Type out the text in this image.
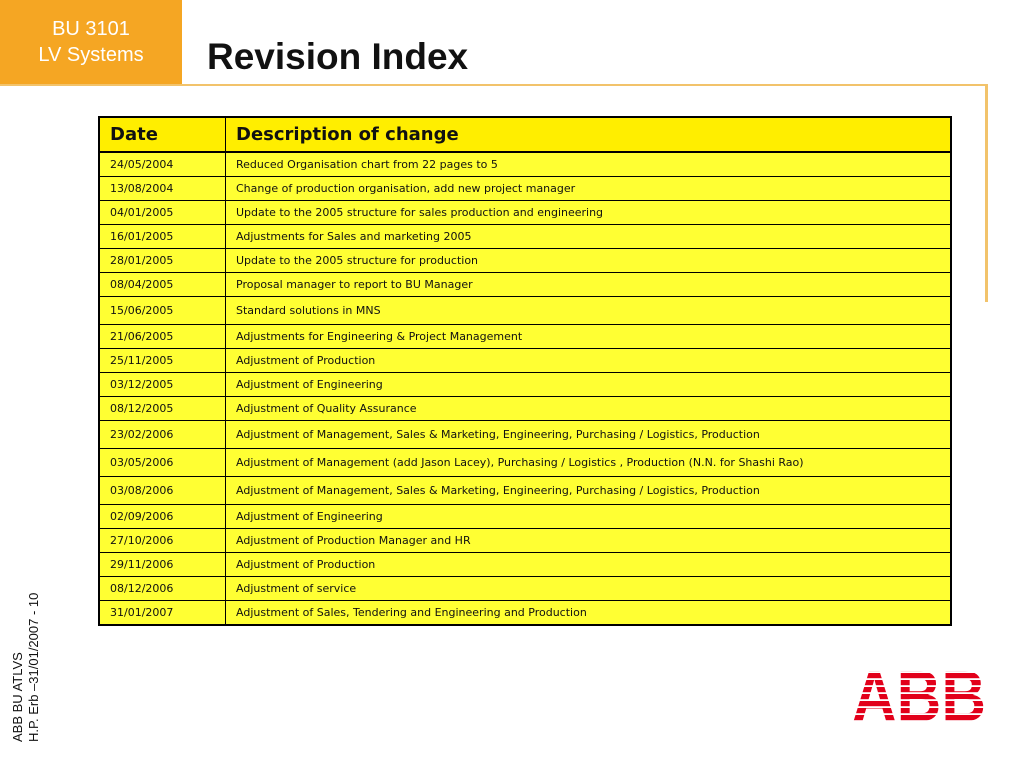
BU 3101
LV Systems Revision Index
Date	Description of change
24/05/2004	Reduced Organisation chart from 22 pages to 5
13/08/2004	Change of production organisation, add new project manager
04/01/2005	Update to the 2005 structure for sales production and engineering
16/01/2005	Adjustments for Sales and marketing 2005
28/01/2005	Update to the 2005 structure for production
08/04/2005	Proposal manager to report to BU Manager
15/06/2005	Standard solutions in MNS
21/06/2005	Adjustments for Engineering & Project Management
25/11/2005	Adjustment of Production
03/12/2005	Adjustment of Engineering
08/12/2005	Adjustment of Quality Assurance
23/02/2006	Adjustment of Management, Sales & Marketing, Engineering, Purchasing / Logistics, Production
03/05/2006	Adjustment of Management (add Jason Lacey), Purchasing / Logistics , Production (N.N. for Shashi Rao)
03/08/2006	Adjustment of Management, Sales & Marketing, Engineering, Purchasing / Logistics, Production
02/09/2006	Adjustment of Engineering
27/10/2006	Adjustment of Production Manager and HR
29/11/2006	Adjustment of Production
08/12/2006	Adjustment of service
31/01/2007	Adjustment of Sales, Tendering and Engineering and Production
ABB BU ATLVS H.P. Erb –31/01/2007 - 10
